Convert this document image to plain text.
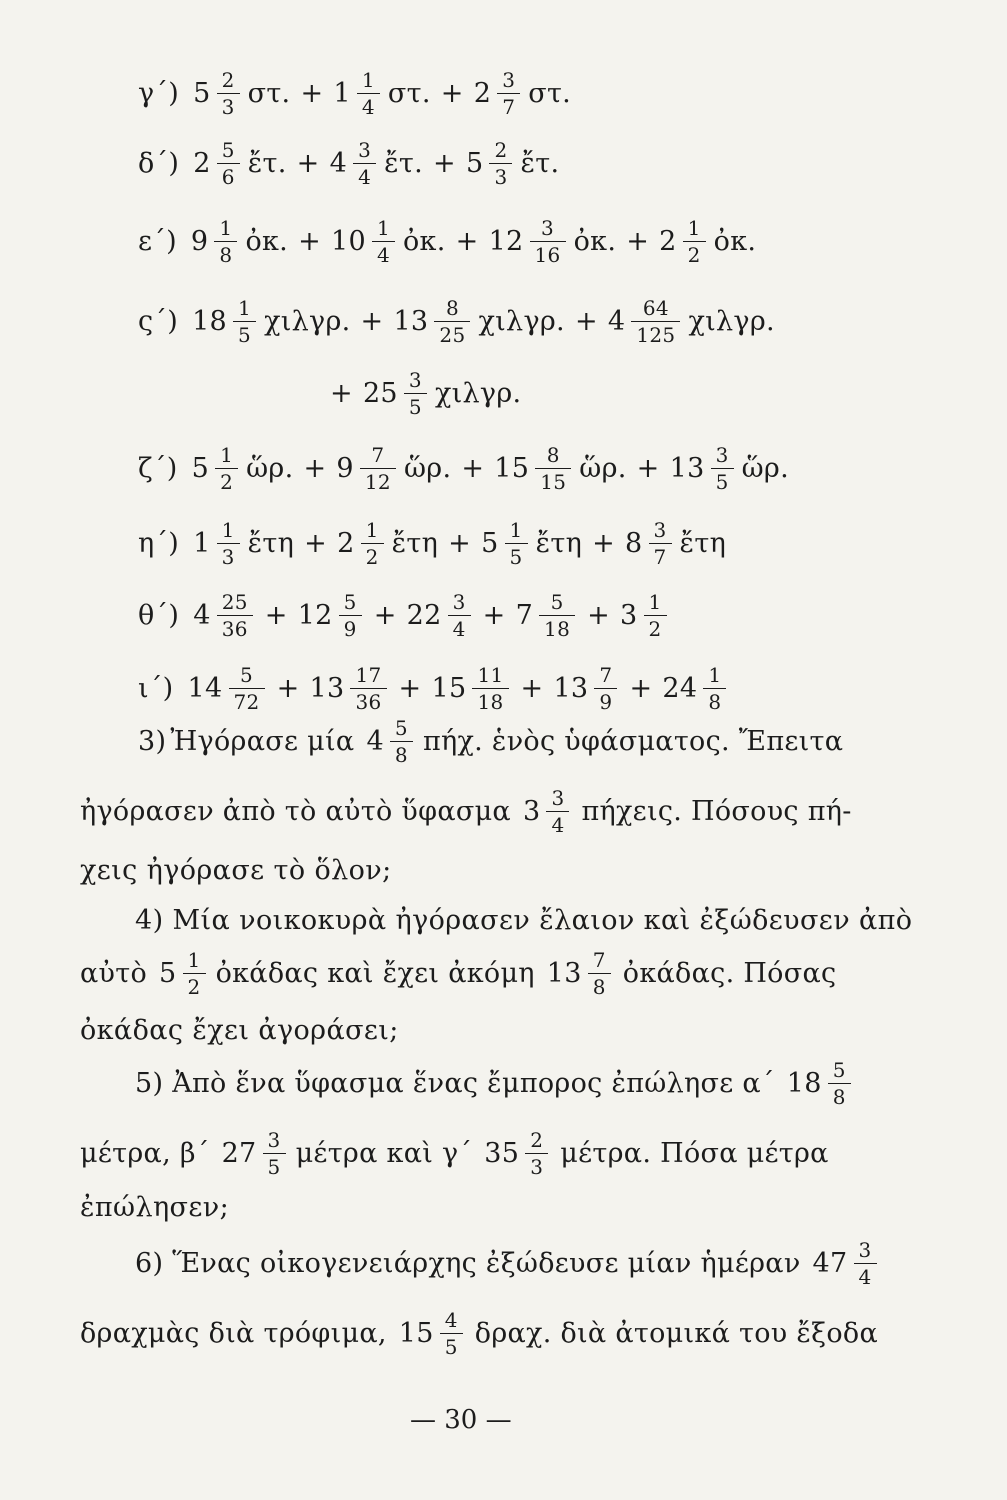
γ΄) $5 \frac{2}{3} \sigma\tau$. + $1 \frac{1}{4} \sigma\tau$. + $2 \frac{3}{7} \sigma\tau$.
δ΄) $2 \frac{5}{6}$ ἔτ. + $4 \frac{3}{4}$ ἔτ. + $5 \frac{2}{3}$ ἔτ.
ε΄) $9 \frac{1}{8}$ ὀκ. + $10 \frac{1}{4}$ ὀκ. + $12 \frac{3}{16}$ ὀκ. + $2 \frac{1}{2}$ ὀκ.
ς΄) $18 \frac{1}{5} \chi\iota\lambda\gamma\rho$. + $13 \frac{8}{25} \chi\iota\lambda\gamma\rho$. + $4 \frac{64}{125} \chi\iota\lambda\gamma\rho$.
+ $25 \frac{3}{5} \chi\iota\lambda\gamma\rho$.
ζ΄) $5 \frac{1}{2}$ ὥρ. + $9 \frac{7}{12}$ ὥρ. + $15 \frac{8}{15}$ ὥρ. + $13 \frac{3}{5}$ ὥρ.
η΄) $1 \frac{1}{3}$ ἔτη + $2 \frac{1}{2}$ ἔτη + $5 \frac{1}{5}$ ἔτη + $8 \frac{3}{7}$ ἔτη
θ΄) $4 \frac{25}{36} + 12 \frac{5}{9} + 22 \frac{3}{4} + 7 \frac{5}{18} + 3 \frac{1}{2}$
ι΄) $14 \frac{5}{72} + 13 \frac{17}{36} + 15 \frac{11}{18} + 13 \frac{7}{9} + 24 \frac{1}{8}$
3) Ἠγόρασε μία $4 \frac{5}{8} \pi ή\chi$. ἑνὸς ὑφάσματος. Ἔπειτα
ἠγόρασεν ἀπὸ τὸ αὐτὸ ὕφασμα $3 \frac{3}{4} \pi ή\chi\varepsilon\iota\varsigma$. Πόσους πή-
χεις ἠγόρασε τὸ ὅλον;
4) Μία νοικοκυρὰ ἠγόρασεν ἔλαιον καὶ ἐξώδευσεν ἀπὸ
αὐτὸ $5 \frac{1}{2}$ ὀκάδας καὶ ἔχει ἀκόμη $13 \frac{7}{8}$ ὀκάδας. Πόσας
ὀκάδας ἔχει ἀγοράσει;
5) Ἀπὸ ἕνα ὕφασμα ἕνας ἔμπορος ἐπώλησε α΄ $18 \frac{5}{8}$
μέτρα, β΄ $27 \frac{3}{5}$ μέτρα καὶ γ΄ $35 \frac{2}{3} \mu έ\tau\rho\alpha$. Πόσα μέτρα
ἐπώλησεν;
6) Ἕνας οἰκογενειάρχης ἐξώδευσε μίαν ἡμέραν $47 \frac{3}{4}$
δραχμὰς διὰ τρόφιμα, $15 \frac{4}{5} \delta\rho\alpha\chi$. διὰ ἀτομικά του ἔξοδα
— 30 —
